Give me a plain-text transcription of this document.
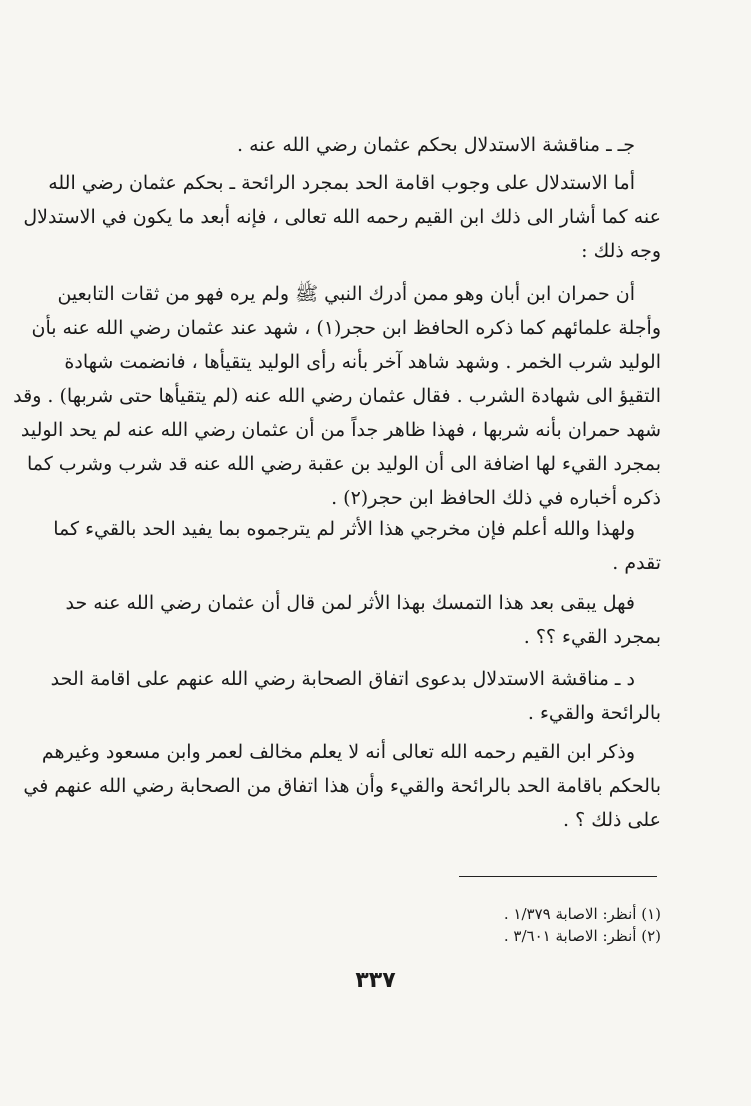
جـ ـ مناقشة الاستدلال بحكم عثمان رضي الله عنه .
أما الاستدلال على وجوب اقامة الحد بمجرد الرائحة ـ بحكم عثمان رضي الله
عنه كما أشار الى ذلك ابن القيم رحمه الله تعالى ، فإنه أبعد ما يكون في الاستدلال
وجه ذلك :
أن حمران ابن أبان وهو ممن أدرك النبي ﷺ ولم يره فهو من ثقات التابعين
وأجلة علمائهم كما ذكره الحافظ ابن حجر(١) ، شهد عند عثمان رضي الله عنه بأن
الوليد شرب الخمر . وشهد شاهد آخر بأنه رأى الوليد يتقيأها ، فانضمت شهادة
التقيؤ الى شهادة الشرب . فقال عثمان رضي الله عنه (لم يتقيأها حتى شربها) . وقد
شهد حمران بأنه شربها ، فهذا ظاهر جداً من أن عثمان رضي الله عنه لم يحد الوليد
بمجرد القيء لها اضافة الى أن الوليد بن عقبة رضي الله عنه قد شرب وشرب كما
ذكره أخباره في ذلك الحافظ ابن حجر(٢) .
ولهذا والله أعلم فإن مخرجي هذا الأثر لم يترجموه بما يفيد الحد بالقيء كما
تقدم .
فهل يبقى بعد هذا التمسك بهذا الأثر لمن قال أن عثمان رضي الله عنه حد
بمجرد القيء ؟؟ .
د ـ مناقشة الاستدلال بدعوى اتفاق الصحابة رضي الله عنهم على اقامة الحد
بالرائحة والقيء .
وذكر ابن القيم رحمه الله تعالى أنه لا يعلم مخالف لعمر وابن مسعود وغيرهم
بالحكم باقامة الحد بالرائحة والقيء وأن هذا اتفاق من الصحابة رضي الله عنهم في
على ذلك ؟ .
(١) أنظر: الاصابة ١/٣٧٩ .
(٢) أنظر: الاصابة ٣/٦٠١ .
٣٣٧
